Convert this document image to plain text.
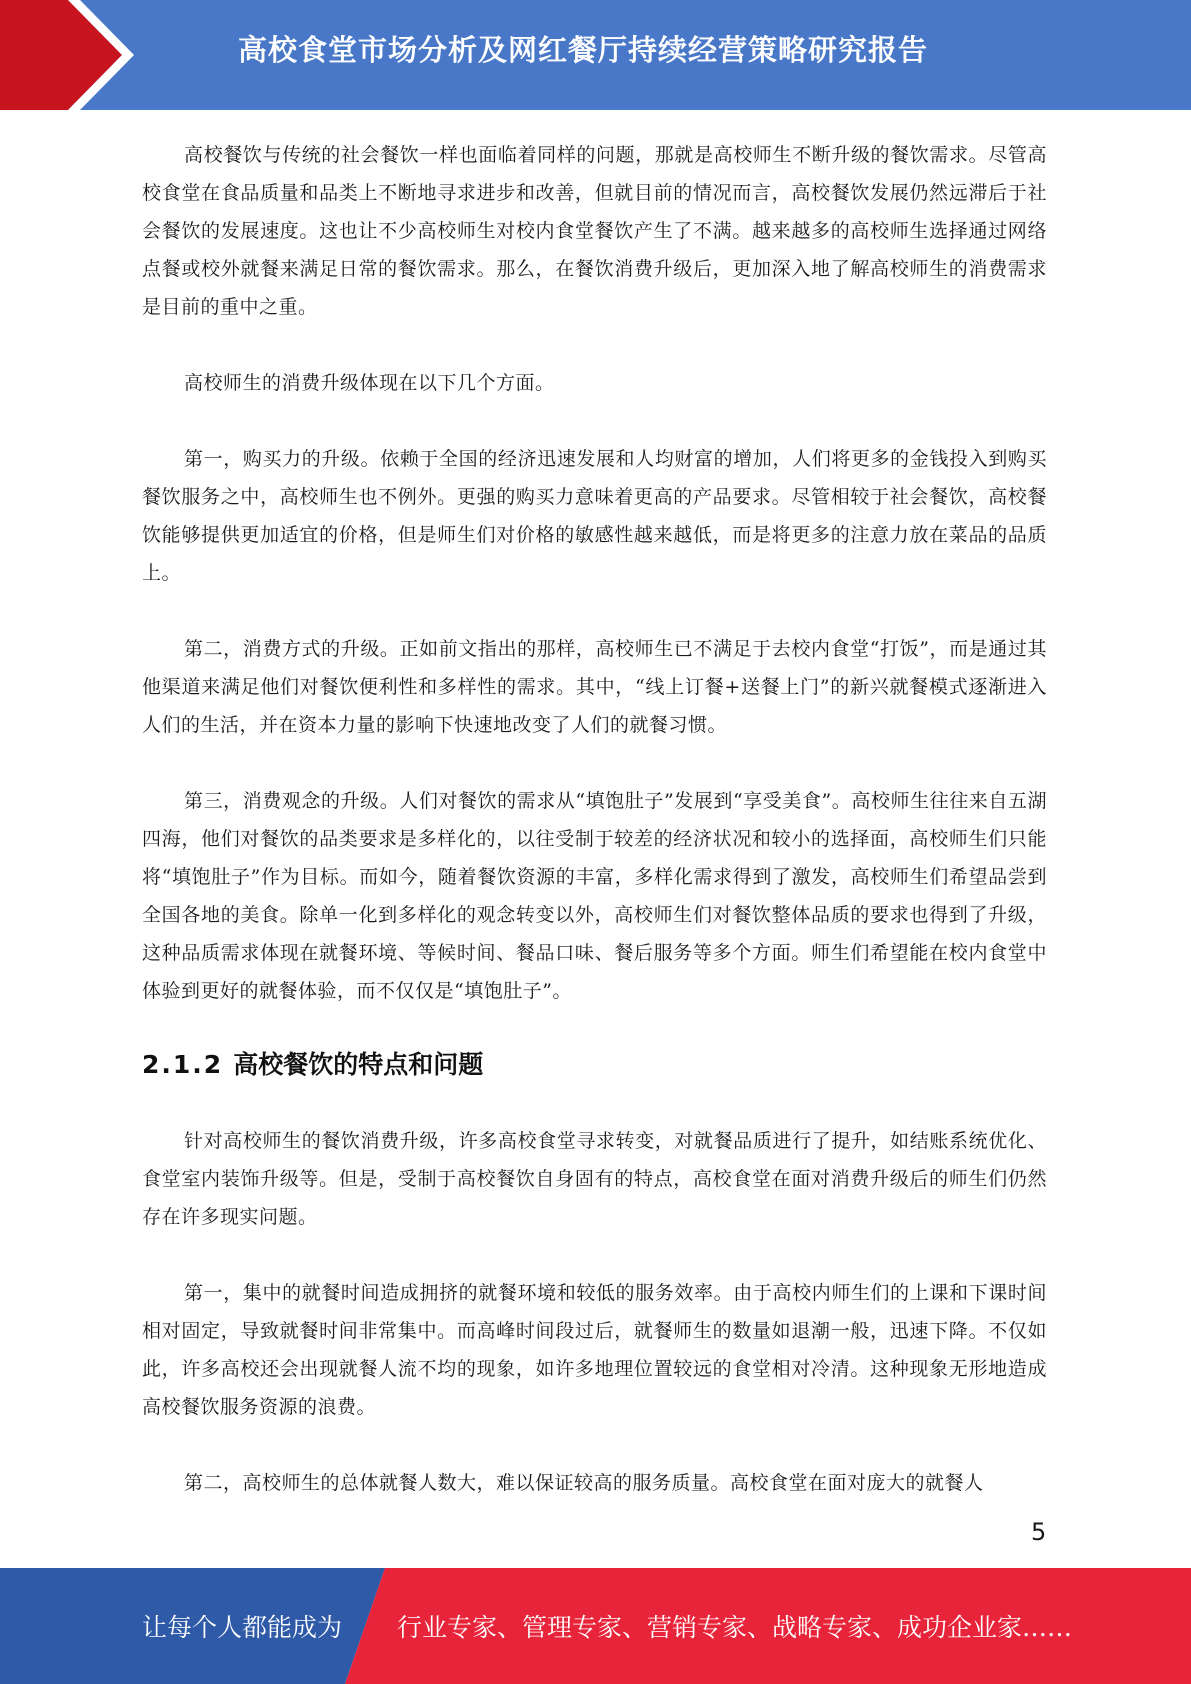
高校食堂市场分析及网红餐厅持续经营策略研究报告

高校餐饮与传统的社会餐饮一样也面临着同样的问题，那就是高校师生不断升级的餐饮需求。尽管高校食堂在食品质量和品类上不断地寻求进步和改善，但就目前的情况而言，高校餐饮发展仍然远滞后于社会餐饮的发展速度。这也让不少高校师生对校内食堂餐饮产生了不满。越来越多的高校师生选择通过网络点餐或校外就餐来满足日常的餐饮需求。那么，在餐饮消费升级后，更加深入地了解高校师生的消费需求是目前的重中之重。

高校师生的消费升级体现在以下几个方面。

第一，购买力的升级。依赖于全国的经济迅速发展和人均财富的增加，人们将更多的金钱投入到购买餐饮服务之中，高校师生也不例外。更强的购买力意味着更高的产品要求。尽管相较于社会餐饮，高校餐饮能够提供更加适宜的价格，但是师生们对价格的敏感性越来越低，而是将更多的注意力放在菜品的品质上。

第二，消费方式的升级。正如前文指出的那样，高校师生已不满足于去校内食堂“打饭”，而是通过其他渠道来满足他们对餐饮便利性和多样性的需求。其中，“线上订餐+送餐上门”的新兴就餐模式逐渐进入人们的生活，并在资本力量的影响下快速地改变了人们的就餐习惯。

第三，消费观念的升级。人们对餐饮的需求从“填饱肚子”发展到“享受美食”。高校师生往往来自五湖四海，他们对餐饮的品类要求是多样化的，以往受制于较差的经济状况和较小的选择面，高校师生们只能将“填饱肚子”作为目标。而如今，随着餐饮资源的丰富，多样化需求得到了激发，高校师生们希望品尝到全国各地的美食。除单一化到多样化的观念转变以外，高校师生们对餐饮整体品质的要求也得到了升级，这种品质需求体现在就餐环境、等候时间、餐品口味、餐后服务等多个方面。师生们希望能在校内食堂中体验到更好的就餐体验，而不仅仅是“填饱肚子”。

2.1.2 高校餐饮的特点和问题

针对高校师生的餐饮消费升级，许多高校食堂寻求转变，对就餐品质进行了提升，如结账系统优化、食堂室内装饰升级等。但是，受制于高校餐饮自身固有的特点，高校食堂在面对消费升级后的师生们仍然存在许多现实问题。

第一，集中的就餐时间造成拥挤的就餐环境和较低的服务效率。由于高校内师生们的上课和下课时间相对固定，导致就餐时间非常集中。而高峰时间段过后，就餐师生的数量如退潮一般，迅速下降。不仅如此，许多高校还会出现就餐人流不均的现象，如许多地理位置较远的食堂相对冷清。这种现象无形地造成高校餐饮服务资源的浪费。

第二，高校师生的总体就餐人数大，难以保证较高的服务质量。高校食堂在面对庞大的就餐人

5
让每个人都能成为 行业专家、管理专家、营销专家、战略专家、成功企业家……
